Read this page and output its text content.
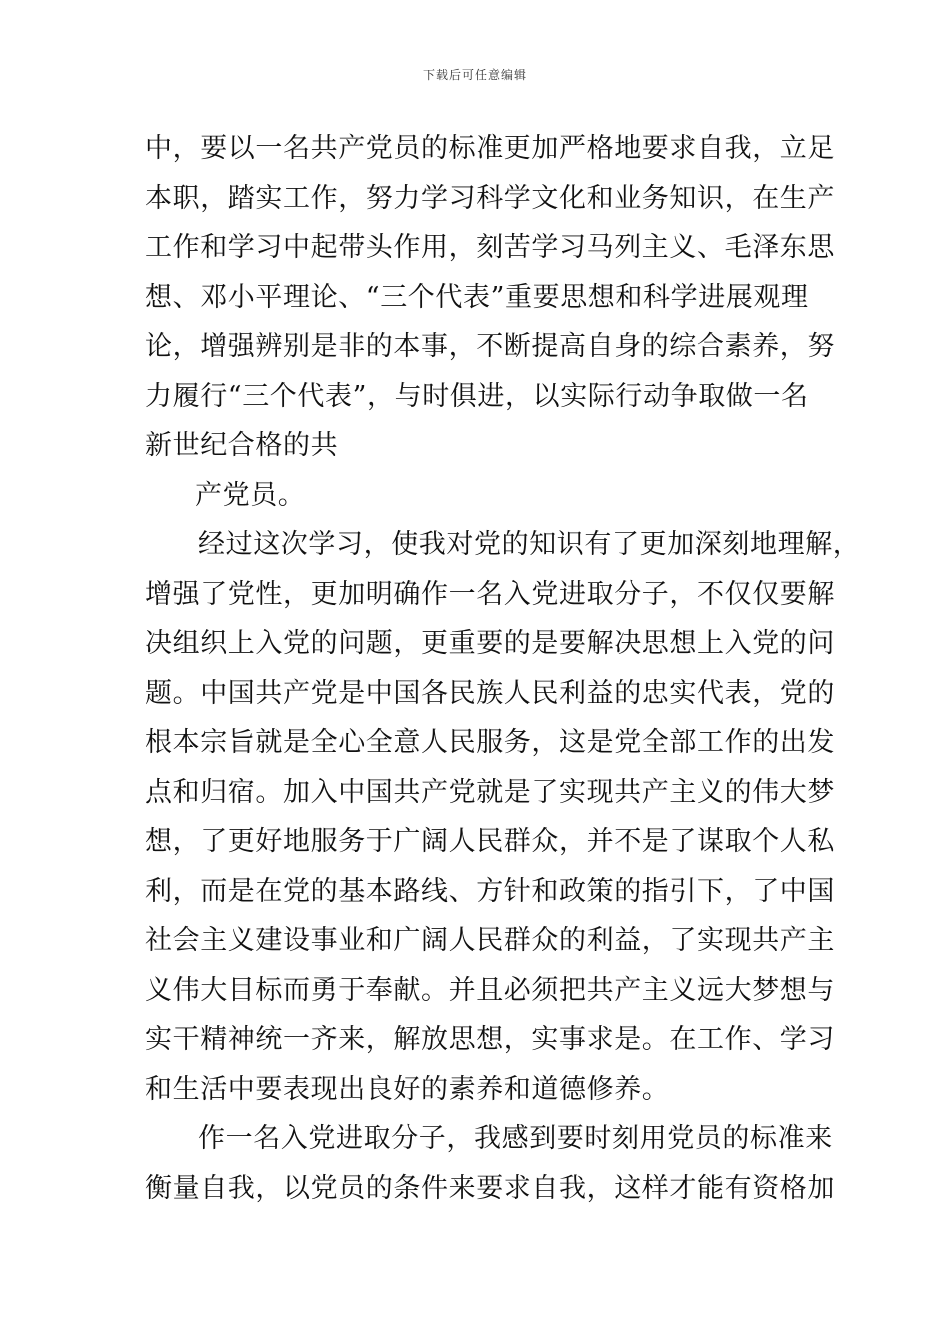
下载后可任意编辑
中，要以一名共产党员的标准更加严格地要求自我，立足
本职，踏实工作，努力学习科学文化和业务知识，在生产
工作和学习中起带头作用，刻苦学习马列主义、毛泽东思
想、邓小平理论、“三个代表”重要思想和科学进展观理
论，增强辨别是非的本事，不断提高自身的综合素养，努
力履行“三个代表”，与时俱进，以实际行动争取做一名
新世纪合格的共
产党员。
经过这次学习，使我对党的知识有了更加深刻地理解，
增强了党性，更加明确作一名入党进取分子，不仅仅要解
决组织上入党的问题，更重要的是要解决思想上入党的问
题。中国共产党是中国各民族人民利益的忠实代表，党的
根本宗旨就是全心全意人民服务，这是党全部工作的出发
点和归宿。加入中国共产党就是了实现共产主义的伟大梦
想，了更好地服务于广阔人民群众，并不是了谋取个人私
利，而是在党的基本路线、方针和政策的指引下，了中国
社会主义建设事业和广阔人民群众的利益，了实现共产主
义伟大目标而勇于奉献。并且必须把共产主义远大梦想与
实干精神统一齐来，解放思想，实事求是。在工作、学习
和生活中要表现出良好的素养和道德修养。
作一名入党进取分子，我感到要时刻用党员的标准来
衡量自我，以党员的条件来要求自我，这样才能有资格加
